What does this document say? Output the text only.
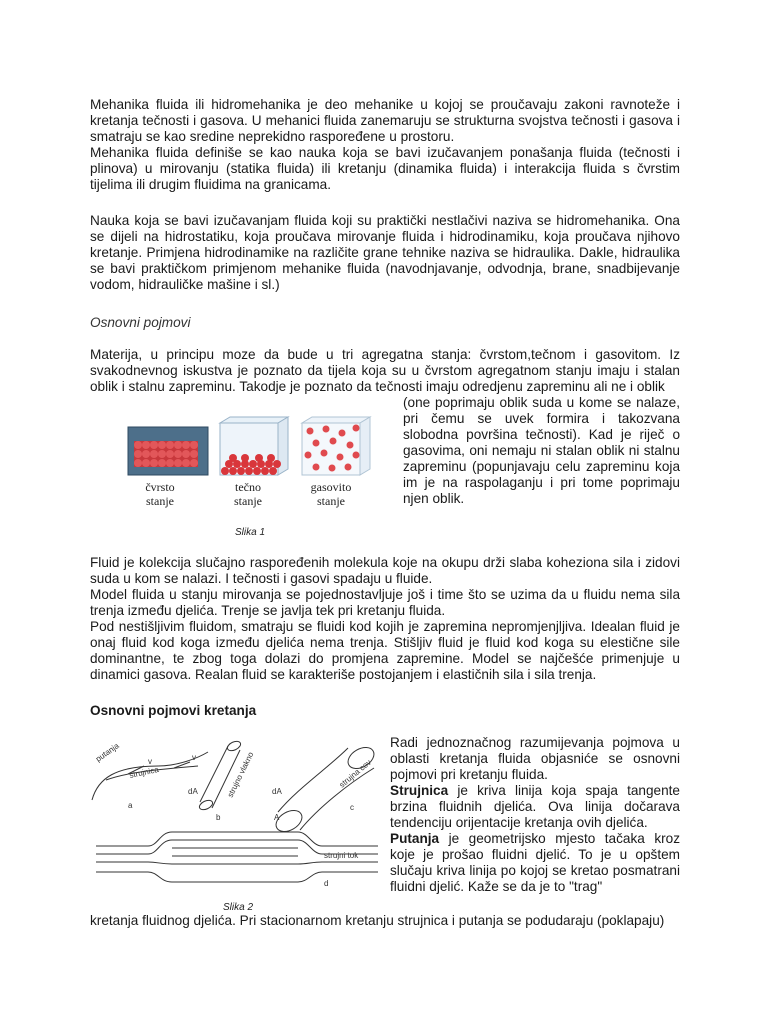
Mehanika fluida ili hidromehanika je deo mehanike u kojoj se proučavaju zakoni ravnoteže i kretanja tečnosti i gasova. U mehanici fluida zanemaruju se strukturna svojstva tečnosti i gasova i smatraju se kao sredine neprekidno raspoređene u prostoru.

Mehanika fluida definiše se kao nauka koja se bavi izučavanjem ponašanja fluida (tečnosti i plinova) u mirovanju (statika fluida) ili kretanju (dinamika fluida) i interakcija fluida s čvrstim tijelima ili drugim fluidima na granicama.

Nauka koja se bavi izučavanjam fluida koji su praktički nestlačivi naziva se hidromehanika. Ona se dijeli na hidrostatiku, koja proučava mirovanje fluida i hidrodinamiku, koja proučava njihovo kretanje. Primjena hidrodinamike na različite grane tehnike naziva se hidraulika. Dakle, hidraulika se bavi praktičkom primjenom mehanike fluida (navodnjavanje, odvodnja, brane, snadbijevanje vodom, hidrauličke mašine i sl.)

Osnovni pojmovi

Materija, u principu moze da bude u tri agregatna stanja: čvrstom,tečnom i gasovitom. Iz svakodnevnog iskustva je poznato da tijela koja su u čvrstom agregatnom stanju imaju i stalan oblik i stalnu zapreminu. Takodje je poznato da tečnosti imaju odredjenu zapreminu ali ne i oblik

(one poprimaju oblik suda u kome se nalaze, pri čemu se uvek formira i takozvana slobodna površina tečnosti). Kad je riječ o gasovima, oni nemaju ni stalan oblik ni stalnu zapreminu (popunjavaju celu zapreminu koja im je na raspolaganju i pri tome poprimaju njen oblik.

čvrsto
stanje
tečno
stanje
gasovito
stanje
Slika 1

Fluid je kolekcija slučajno raspoređenih molekula koje na okupu drži slaba koheziona sila i zidovi suda u kom se nalazi. I tečnosti i gasovi spadaju u fluide.

Model fluida u stanju mirovanja se pojednostavljuje još i time što se uzima da u fluidu nema sila trenja između djelića. Trenje se javlja tek pri kretanju fluida.

Pod nestišljivim fluidom, smatraju se fluidi kod kojih je zapremina nepromjenjljiva. Idealan fluid je onaj fluid kod koga između djelića nema trenja. Stišljiv fluid je fluid kod koga su elestične sile dominantne, te zbog toga dolazi do promjena zapremine. Model se najčešće primenjuje u dinamici gasova. Realan fluid se karakteriše postojanjem i elastičnih sila i sila trenja.

Osnovni pojmovi kretanja

putanja	v
strujnica
v
a
dA
b
strujno vlakno dA
A
strujna cev
c
strujni tok
d
Slika 2

Radi jednoznačnog razumijevanja pojmova u oblasti kretanja fluida objasniće se osnovni pojmovi pri kretanju fluida.

Strujnica je kriva linija koja spaja tangente brzina fluidnih djelića. Ova linija dočarava tendenciju orijentacije kretanja ovih djelića.

Putanja je geometrijsko mjesto tačaka kroz koje je prošao fluidni djelić. To je u opštem slučaju kriva linija po kojoj se kretao posmatrani fluidni djelić. Kaže se da je to "trag"

kretanja fluidnog djelića. Pri stacionarnom kretanju strujnica i putanja se podudaraju (poklapaju)
